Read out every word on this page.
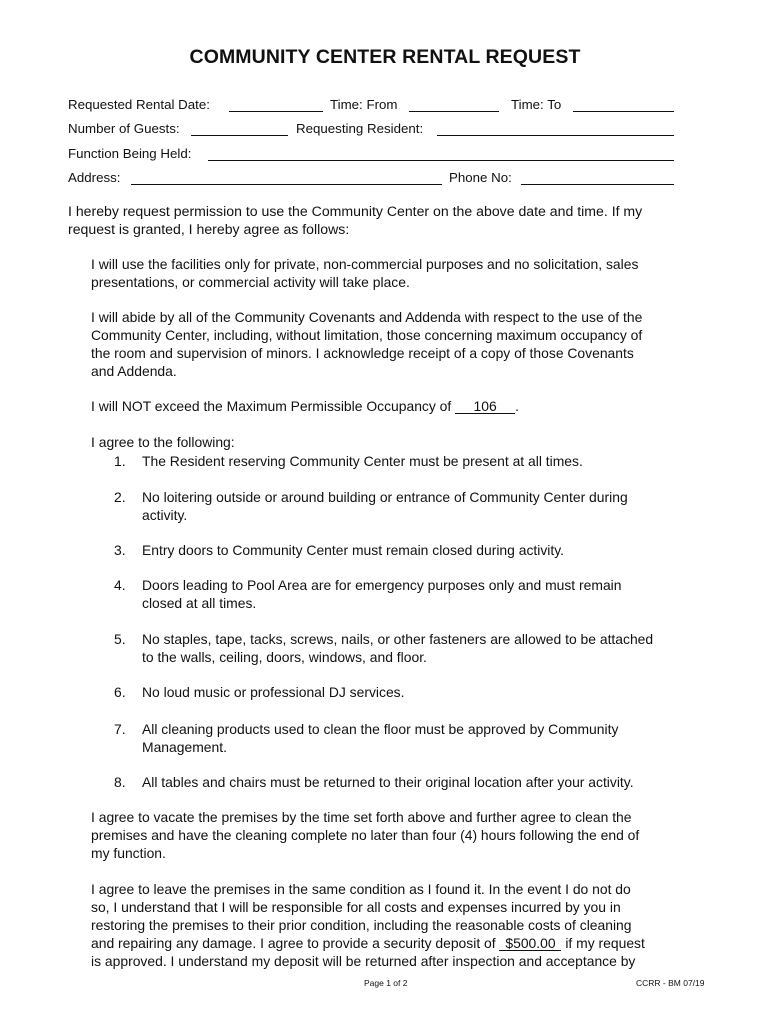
COMMUNITY CENTER RENTAL REQUEST
Requested Rental Date:	Time: From	Time: To
Number of Guests:	Requesting Resident:
Function Being Held:
Address:	Phone No:
I hereby request permission to use the Community Center on the above date and time. If my
request is granted, I hereby agree as follows:
I will use the facilities only for private, non-commercial purposes and no solicitation, sales
presentations, or commercial activity will take place.
I will abide by all of the Community Covenants and Addenda with respect to the use of the
Community Center, including, without limitation, those concerning maximum occupancy of
the room and supervision of minors. I acknowledge receipt of a copy of those Covenants
and Addenda.
I will NOT exceed the Maximum Permissible Occupancy of 106 .
I agree to the following:
1. The Resident reserving Community Center must be present at all times.
2. No loitering outside or around building or entrance of Community Center during
activity.
3. Entry doors to Community Center must remain closed during activity.
4. Doors leading to Pool Area are for emergency purposes only and must remain
closed at all times.
5. No staples, tape, tacks, screws, nails, or other fasteners are allowed to be attached
to the walls, ceiling, doors, windows, and floor.
6. No loud music or professional DJ services.
7. All cleaning products used to clean the floor must be approved by Community
Management.
8. All tables and chairs must be returned to their original location after your activity.
I agree to vacate the premises by the time set forth above and further agree to clean the
premises and have the cleaning complete no later than four (4) hours following the end of
my function.
I agree to leave the premises in the same condition as I found it. In the event I do not do
so, I understand that I will be responsible for all costs and expenses incurred by you in
restoring the premises to their prior condition, including the reasonable costs of cleaning
and repairing any damage. I agree to provide a security deposit of $500.00 if my request
is approved. I understand my deposit will be returned after inspection and acceptance by
Page 1 of 2	CCRR - BM 07/19
